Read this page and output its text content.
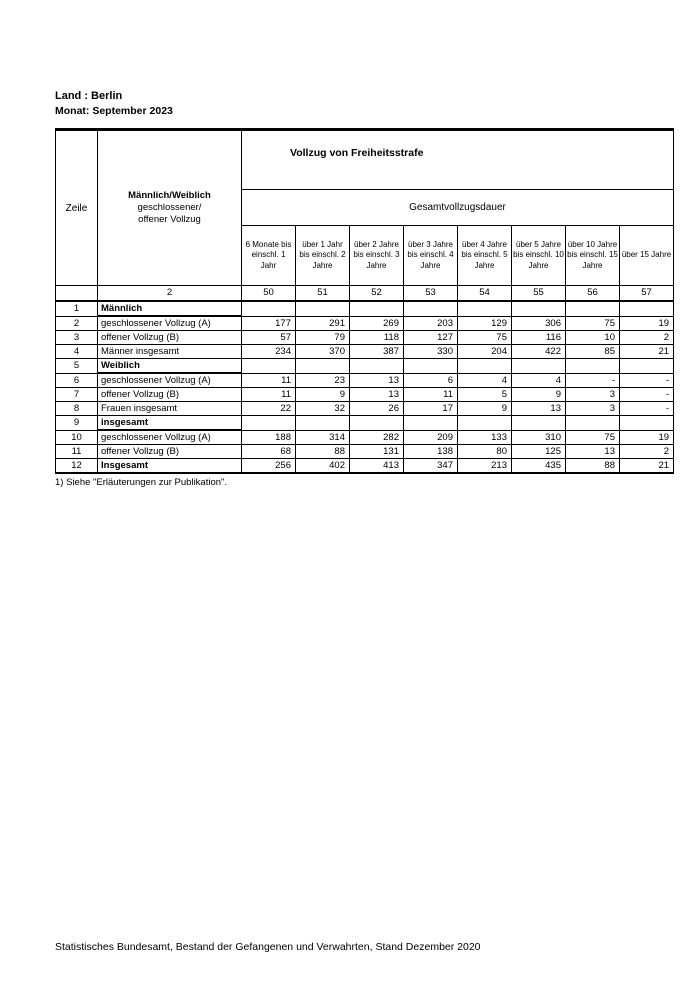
Land : Berlin
Monat: September 2023
Zeile	Männlich/Weiblich
geschlossener/
offener Vollzug	Vollzug von Freiheitsstrafe							
		Gesamtvollzugsdauer							
		6 Monate bis einschl. 1 Jahr	über 1 Jahr bis einschl. 2 Jahre	über 2 Jahre bis einschl. 3 Jahre	über 3 Jahre bis einschl. 4 Jahre	über 4 Jahre bis einschl. 5 Jahre	über 5 Jahre bis einschl. 10 Jahre	über 10 Jahre bis einschl. 15 Jahre	über 15 Jahre
	2	50	51	52	53	54	55	56	57
1	Männlich								
2	geschlossener Vollzug (A)	177	291	269	203	129	306	75	19
3	offener Vollzug (B)	57	79	118	127	75	116	10	2
4	Männer insgesamt	234	370	387	330	204	422	85	21
5	Weiblich								
6	geschlossener Vollzug (A)	11	23	13	6	4	4	-	-
7	offener Vollzug (B)	11	9	13	11	5	9	3	-
8	Frauen insgesamt	22	32	26	17	9	13	3	-
9	insgesamt								
10	geschlossener Vollzug (A)	188	314	282	209	133	310	75	19
11	offener Vollzug (B)	68	88	131	138	80	125	13	2
12	Insgesamt	256	402	413	347	213	435	88	21
1) Siehe "Erläuterungen zur Publikation".
Statistisches Bundesamt, Bestand der Gefangenen und Verwahrten, Stand Dezember 2020
